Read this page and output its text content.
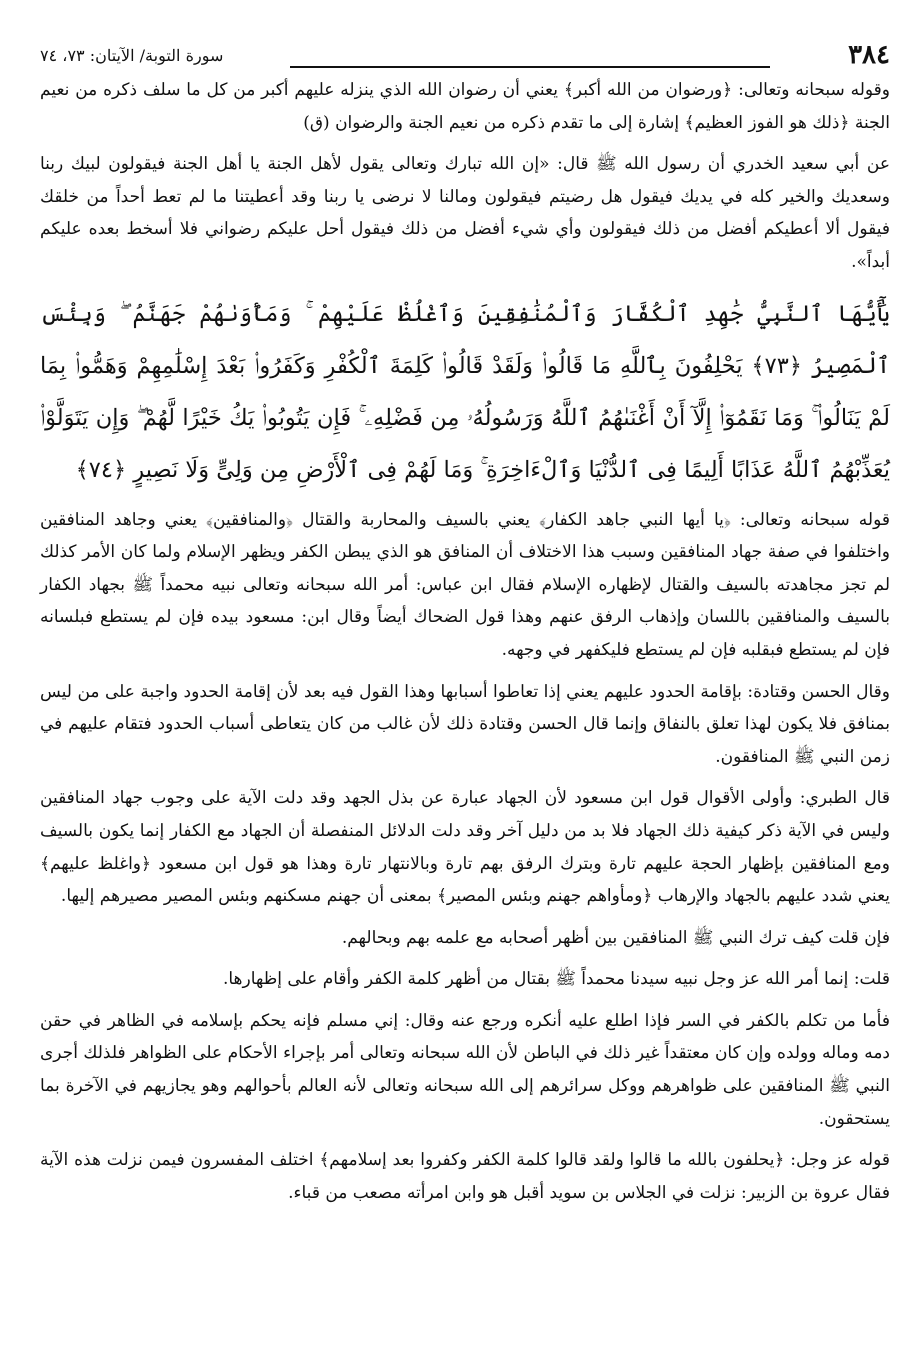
٣٨٤
سورة التوبة/ الآيتان: ٧٣، ٧٤

وقوله سبحانه وتعالى: ﴿ورضوان من الله أكبر﴾ يعني أن رضوان الله الذي ينزله عليهم أكبر من كل ما سلف ذكره من نعيم الجنة ﴿ذلك هو الفوز العظيم﴾ إشارة إلى ما تقدم ذكره من نعيم الجنة والرضوان (ق)

عن أبي سعيد الخدري أن رسول الله ﷺ قال: «إن الله تبارك وتعالى يقول لأهل الجنة يا أهل الجنة فيقولون لبيك ربنا وسعديك والخير كله في يديك فيقول هل رضيتم فيقولون ومالنا لا نرضى يا ربنا وقد أعطيتنا ما لم تعط أحداً من خلقك فيقول ألا أعطيكم أفضل من ذلك فيقولون وأي شيء أفضل من ذلك فيقول أحل عليكم رضواني فلا أسخط بعده عليكم أبداً».

يَٰٓأَيُّهَا ٱلنَّبِيُّ جَٰهِدِ ٱلْكُفَّارَ وَٱلْمُنَٰفِقِينَ وَٱغْلُظْ عَلَيْهِمْ ۚ وَمَأْوَىٰهُمْ جَهَنَّمُ ۖ وَبِئْسَ ٱلْمَصِيرُ ﴿٧٣﴾ يَحْلِفُونَ بِٱللَّهِ مَا قَالُوا۟ وَلَقَدْ قَالُوا۟ كَلِمَةَ ٱلْكُفْرِ وَكَفَرُوا۟ بَعْدَ إِسْلَٰمِهِمْ وَهَمُّوا۟ بِمَا لَمْ يَنَالُوا۟ ۚ وَمَا نَقَمُوٓا۟ إِلَّآ أَنْ أَغْنَىٰهُمُ ٱللَّهُ وَرَسُولُهُۥ مِن فَضْلِهِۦ ۚ فَإِن يَتُوبُوا۟ يَكُ خَيْرًا لَّهُمْ ۖ وَإِن يَتَوَلَّوْا۟ يُعَذِّبْهُمُ ٱللَّهُ عَذَابًا أَلِيمًا فِى ٱلدُّنْيَا وَٱلْءَاخِرَةِ ۚ وَمَا لَهُمْ فِى ٱلْأَرْضِ مِن وَلِىٍّ وَلَا نَصِيرٍ ﴿٧٤﴾

قوله سبحانه وتعالى: ﴿يا أيها النبي جاهد الكفار﴾ يعني بالسيف والمحاربة والقتال ﴿والمنافقين﴾ يعني وجاهد المنافقين واختلفوا في صفة جهاد المنافقين وسبب هذا الاختلاف أن المنافق هو الذي يبطن الكفر ويظهر الإسلام ولما كان الأمر كذلك لم تجز مجاهدته بالسيف والقتال لإظهاره الإسلام فقال ابن عباس: أمر الله سبحانه وتعالى نبيه محمداً ﷺ بجهاد الكفار بالسيف والمنافقين باللسان وإذهاب الرفق عنهم وهذا قول الضحاك أيضاً وقال ابن: مسعود بيده فإن لم يستطع فبلسانه فإن لم يستطع فبقلبه فإن لم يستطع فليكفهر في وجهه.

وقال الحسن وقتادة: بإقامة الحدود عليهم يعني إذا تعاطوا أسبابها وهذا القول فيه بعد لأن إقامة الحدود واجبة على من ليس بمنافق فلا يكون لهذا تعلق بالنفاق وإنما قال الحسن وقتادة ذلك لأن غالب من كان يتعاطى أسباب الحدود فتقام عليهم في زمن النبي ﷺ المنافقون.

قال الطبري: وأولى الأقوال قول ابن مسعود لأن الجهاد عبارة عن بذل الجهد وقد دلت الآية على وجوب جهاد المنافقين وليس في الآية ذكر كيفية ذلك الجهاد فلا بد من دليل آخر وقد دلت الدلائل المنفصلة أن الجهاد مع الكفار إنما يكون بالسيف ومع المنافقين بإظهار الحجة عليهم تارة وبترك الرفق بهم تارة وبالانتهار تارة وهذا هو قول ابن مسعود ﴿واغلظ عليهم﴾ يعني شدد عليهم بالجهاد والإرهاب ﴿ومأواهم جهنم وبئس المصير﴾ بمعنى أن جهنم مسكنهم وبئس المصير مصيرهم إليها.

فإن قلت كيف ترك النبي ﷺ المنافقين بين أظهر أصحابه مع علمه بهم وبحالهم.

قلت: إنما أمر الله عز وجل نبيه سيدنا محمداً ﷺ بقتال من أظهر كلمة الكفر وأقام على إظهارها.

فأما من تكلم بالكفر في السر فإذا اطلع عليه أنكره ورجع عنه وقال: إني مسلم فإنه يحكم بإسلامه في الظاهر في حقن دمه وماله وولده وإن كان معتقداً غير ذلك في الباطن لأن الله سبحانه وتعالى أمر بإجراء الأحكام على الظواهر فلذلك أجرى النبي ﷺ المنافقين على ظواهرهم ووكل سرائرهم إلى الله سبحانه وتعالى لأنه العالم بأحوالهم وهو يجازيهم في الآخرة بما يستحقون.

قوله عز وجل: ﴿يحلفون بالله ما قالوا ولقد قالوا كلمة الكفر وكفروا بعد إسلامهم﴾ اختلف المفسرون فيمن نزلت هذه الآية فقال عروة بن الزبير: نزلت في الجلاس بن سويد أقبل هو وابن امرأته مصعب من قباء.
